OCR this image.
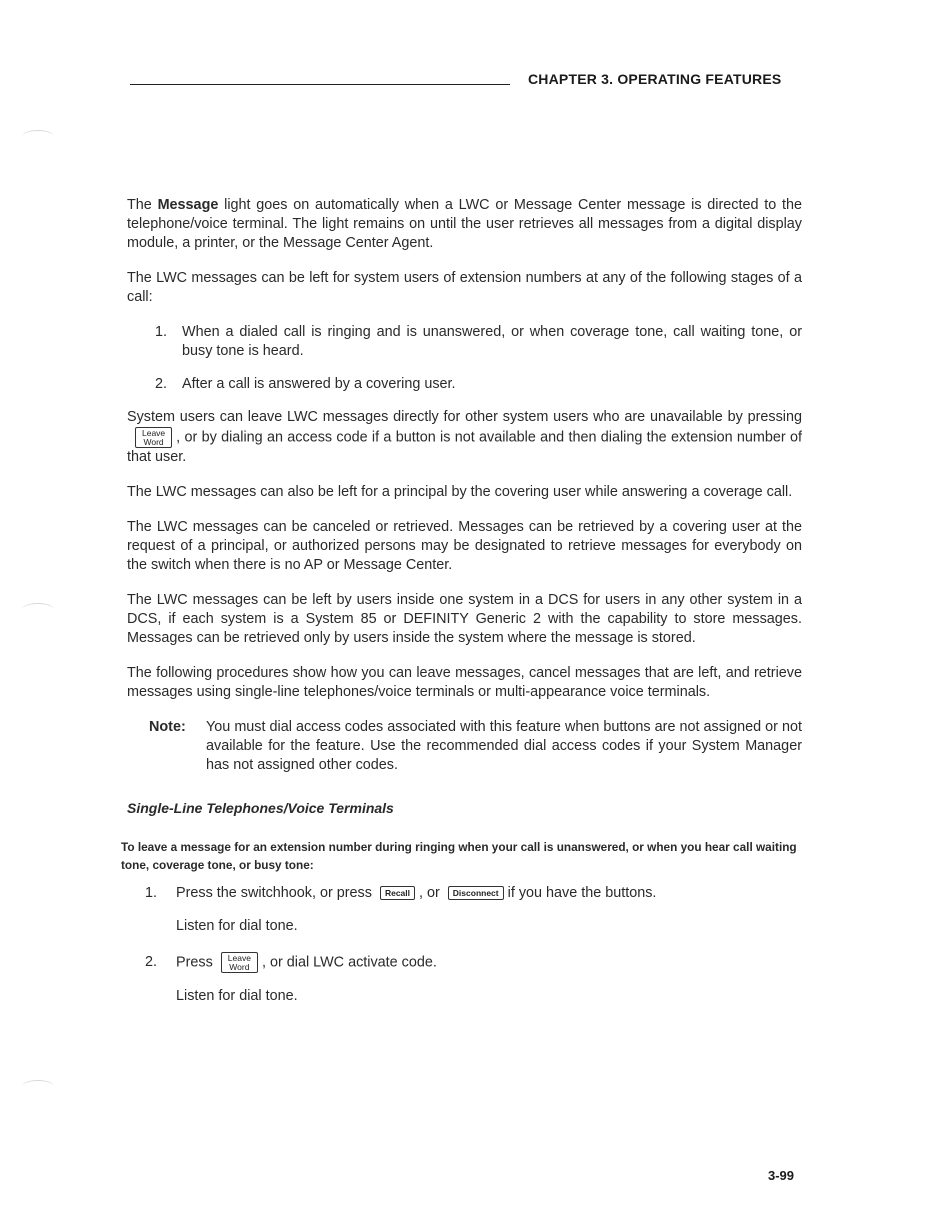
CHAPTER 3. OPERATING FEATURES

The Message light goes on automatically when a LWC or Message Center message is directed to the telephone/voice terminal. The light remains on until the user retrieves all messages from a digital display module, a printer, or the Message Center Agent.

The LWC messages can be left for system users of extension numbers at any of the following stages of a call:

1.	When a dialed call is ringing and is unanswered, or when coverage tone, call waiting tone, or busy tone is heard.
2.	After a call is answered by a covering user.

System users can leave LWC messages directly for other system users who are unavailable by pressing
Leave
Word , or by dialing an access code if a button is not available and then dialing the extension number of that user.

The LWC messages can also be left for a principal by the covering user while answering a coverage call.

The LWC messages can be canceled or retrieved. Messages can be retrieved by a covering user at the request of a principal, or authorized persons may be designated to retrieve messages for everybody on the switch when there is no AP or Message Center.

The LWC messages can be left by users inside one system in a DCS for users in any other system in a DCS, if each system is a System 85 or DEFINITY Generic 2 with the capability to store messages. Messages can be retrieved only by users inside the system where the message is stored.

The following procedures show how you can leave messages, cancel messages that are left, and retrieve messages using single-line telephones/voice terminals or multi-appearance voice terminals.

Note:	You must dial access codes associated with this feature when buttons are not assigned or not available for the feature. Use the recommended dial access codes if your System Manager has not assigned other codes.
Single-Line Telephones/Voice Terminals
To leave a message for an extension number during ringing when your call is unanswered, or when you hear call waiting tone, coverage tone, or busy tone:
1.	Press the switchhook, or press Recall , or Disconnect if you have the buttons.
Listen for dial tone.
2.	Press Leave
Word , or dial LWC activate code.
Listen for dial tone.
3-99
